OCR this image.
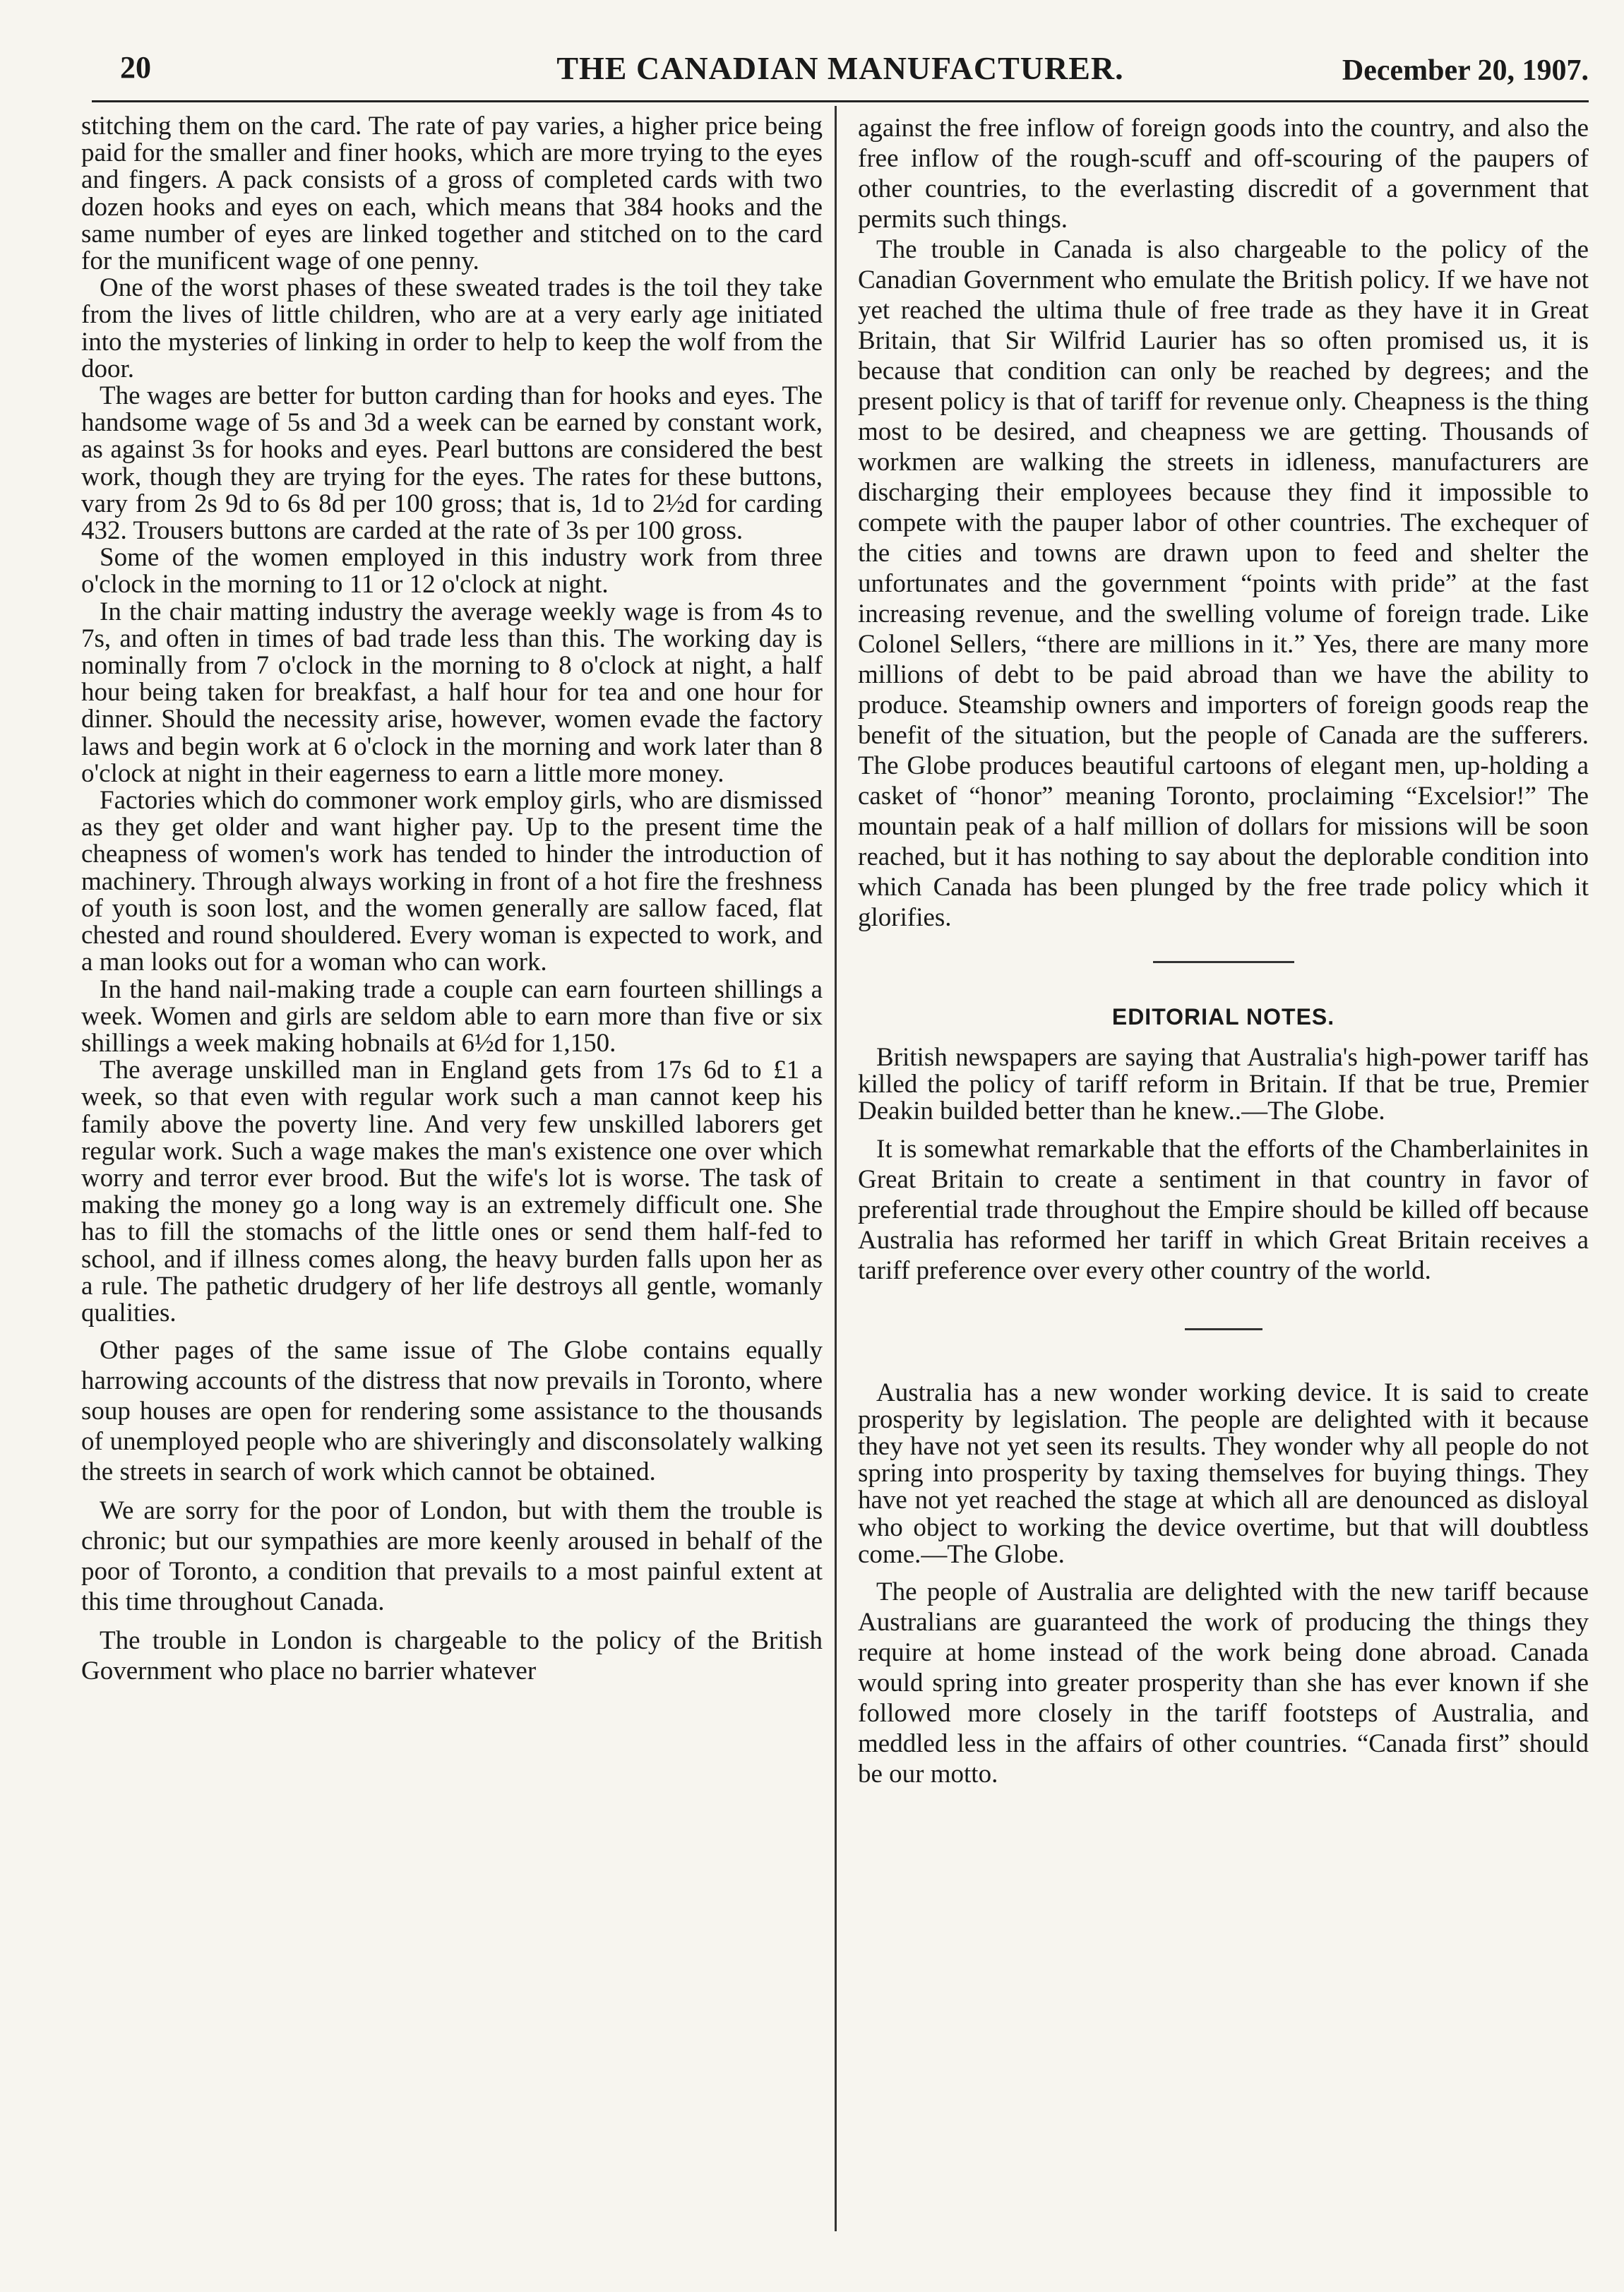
20	THE CANADIAN MANUFACTURER.	December 20, 1907.

stitching them on the card. The rate of pay varies, a higher price being paid for the smaller and finer hooks, which are more trying to the eyes and fingers. A pack consists of a gross of completed cards with two dozen hooks and eyes on each, which means that 384 hooks and the same number of eyes are linked together and stitched on to the card for the munificent wage of one penny.

One of the worst phases of these sweated trades is the toil they take from the lives of little children, who are at a very early age initiated into the mysteries of linking in order to help to keep the wolf from the door.

The wages are better for button carding than for hooks and eyes. The handsome wage of 5s and 3d a week can be earned by constant work, as against 3s for hooks and eyes. Pearl buttons are considered the best work, though they are trying for the eyes. The rates for these buttons, vary from 2s 9d to 6s 8d per 100 gross; that is, 1d to 2½d for carding 432. Trousers buttons are carded at the rate of 3s per 100 gross.

Some of the women employed in this industry work from three o'clock in the morning to 11 or 12 o'clock at night.

In the chair matting industry the average weekly wage is from 4s to 7s, and often in times of bad trade less than this. The working day is nominally from 7 o'clock in the morning to 8 o'clock at night, a half hour being taken for breakfast, a half hour for tea and one hour for dinner. Should the necessity arise, however, women evade the factory laws and begin work at 6 o'clock in the morning and work later than 8 o'clock at night in their eagerness to earn a little more money.

Factories which do commoner work employ girls, who are dismissed as they get older and want higher pay. Up to the present time the cheapness of women's work has tended to hinder the introduction of machinery. Through always working in front of a hot fire the freshness of youth is soon lost, and the women generally are sallow faced, flat chested and round shouldered. Every woman is expected to work, and a man looks out for a woman who can work.

In the hand nail-making trade a couple can earn fourteen shillings a week. Women and girls are seldom able to earn more than five or six shillings a week making hobnails at 6½d for 1,150.

The average unskilled man in England gets from 17s 6d to £1 a week, so that even with regular work such a man cannot keep his family above the poverty line. And very few unskilled laborers get regular work. Such a wage makes the man's existence one over which worry and terror ever brood. But the wife's lot is worse. The task of making the money go a long way is an extremely difficult one. She has to fill the stomachs of the little ones or send them half-fed to school, and if illness comes along, the heavy burden falls upon her as a rule. The pathetic drudgery of her life destroys all gentle, womanly qualities.

Other pages of the same issue of The Globe contains equally harrowing accounts of the distress that now prevails in Toronto, where soup houses are open for rendering some assistance to the thousands of unemployed people who are shiveringly and disconsolately walking the streets in search of work which cannot be obtained.

We are sorry for the poor of London, but with them the trouble is chronic; but our sympathies are more keenly aroused in behalf of the poor of Toronto, a condition that prevails to a most painful extent at this time throughout Canada.

The trouble in London is chargeable to the policy of the British Government who place no barrier whatever

against the free inflow of foreign goods into the country, and also the free inflow of the rough-scuff and off-scouring of the paupers of other countries, to the everlasting discredit of a government that permits such things.

The trouble in Canada is also chargeable to the policy of the Canadian Government who emulate the British policy. If we have not yet reached the ultima thule of free trade as they have it in Great Britain, that Sir Wilfrid Laurier has so often promised us, it is because that condition can only be reached by degrees; and the present policy is that of tariff for revenue only. Cheapness is the thing most to be desired, and cheapness we are getting. Thousands of workmen are walking the streets in idleness, manufacturers are discharging their employees because they find it impossible to compete with the pauper labor of other countries. The exchequer of the cities and towns are drawn upon to feed and shelter the unfortunates and the government “points with pride” at the fast increasing revenue, and the swelling volume of foreign trade. Like Colonel Sellers, “there are millions in it.” Yes, there are many more millions of debt to be paid abroad than we have the ability to produce. Steamship owners and importers of foreign goods reap the benefit of the situation, but the people of Canada are the sufferers. The Globe produces beautiful cartoons of elegant men, up-holding a casket of “honor” meaning Toronto, proclaiming “Excelsior!” The mountain peak of a half million of dollars for missions will be soon reached, but it has nothing to say about the deplorable condition into which Canada has been plunged by the free trade policy which it glorifies.

EDITORIAL NOTES.

British newspapers are saying that Australia's high-power tariff has killed the policy of tariff reform in Britain. If that be true, Premier Deakin builded better than he knew..—The Globe.

It is somewhat remarkable that the efforts of the Chamberlainites in Great Britain to create a sentiment in that country in favor of preferential trade throughout the Empire should be killed off because Australia has reformed her tariff in which Great Britain receives a tariff preference over every other country of the world.

Australia has a new wonder working device. It is said to create prosperity by legislation. The people are delighted with it because they have not yet seen its results. They wonder why all people do not spring into prosperity by taxing themselves for buying things. They have not yet reached the stage at which all are denounced as disloyal who object to working the device overtime, but that will doubtless come.—The Globe.

The people of Australia are delighted with the new tariff because Australians are guaranteed the work of producing the things they require at home instead of the work being done abroad. Canada would spring into greater prosperity than she has ever known if she followed more closely in the tariff footsteps of Australia, and meddled less in the affairs of other countries. “Canada first” should be our motto.
